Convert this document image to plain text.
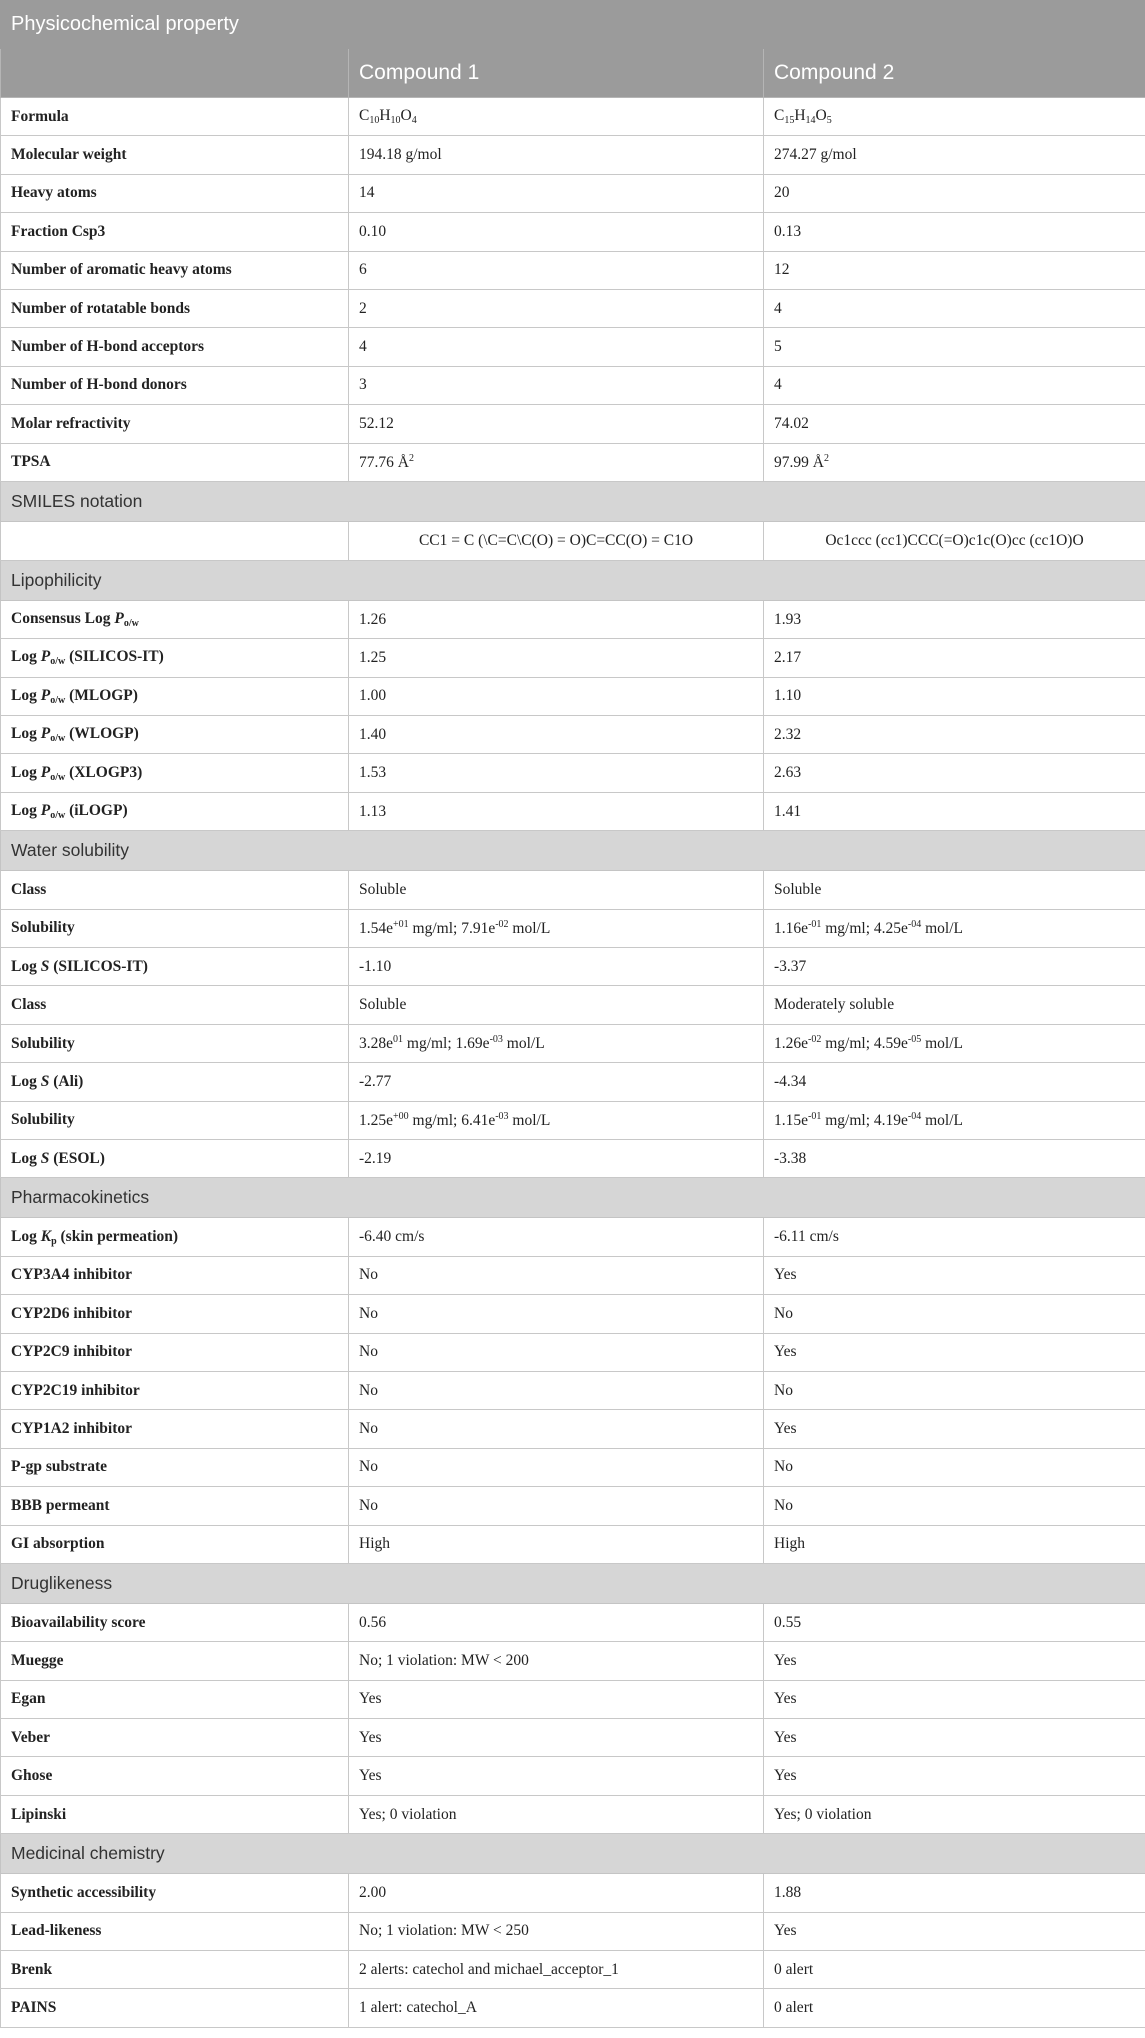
Physicochemical property		
	Compound 1	Compound 2
Formula	$C_{10}H_{10}O_4$	$C_{15}H_{14}O_5$
Molecular weight	194.18 g/mol	274.27 g/mol
Heavy atoms	14	20
Fraction Csp3	0.10	0.13
Number of aromatic heavy atoms	6	12
Number of rotatable bonds	2	4
Number of H-bond acceptors	4	5
Number of H-bond donors	3	4
Molar refractivity	52.12	74.02
TPSA	77.76 $Å^2$	97.99 $Å^2$
SMILES notation		
	CC1 = C (\C=C\C(O) = O)C=CC(O) = C1O	Oc1ccc (cc1)CCC(=O)c1c(O)cc (cc1O)O
Lipophilicity		
Consensus Log $P_{o/w}$	1.26	1.93
Log $P_{o/w}$ (SILICOS-IT)	1.25	2.17
Log $P_{o/w}$ (MLOGP)	1.00	1.10
Log $P_{o/w}$ (WLOGP)	1.40	2.32
Log $P_{o/w}$ (XLOGP3)	1.53	2.63
Log $P_{o/w}$ (iLOGP)	1.13	1.41
Water solubility		
Class	Soluble	Soluble
Solubility	$1.54e^{+01}$ mg/ml; $7.91e^{-02}$ mol/L	$1.16e^{-01}$ mg/ml; $4.25e^{-04}$ mol/L
Log S (SILICOS-IT)	-1.10	-3.37
Class	Soluble	Moderately soluble
Solubility	$3.28e^{01}$ mg/ml; $1.69e^{-03}$ mol/L	$1.26e^{-02}$ mg/ml; $4.59e^{-05}$ mol/L
Log S (Ali)	-2.77	-4.34
Solubility	$1.25e^{+00}$ mg/ml; $6.41e^{-03}$ mol/L	$1.15e^{-01}$ mg/ml; $4.19e^{-04}$ mol/L
Log S (ESOL)	-2.19	-3.38
Pharmacokinetics		
Log $K_p$ (skin permeation)	-6.40 cm/s	-6.11 cm/s
CYP3A4 inhibitor	No	Yes
CYP2D6 inhibitor	No	No
CYP2C9 inhibitor	No	Yes
CYP2C19 inhibitor	No	No
CYP1A2 inhibitor	No	Yes
P-gp substrate	No	No
BBB permeant	No	No
GI absorption	High	High
Druglikeness		
Bioavailability score	0.56	0.55
Muegge	No; 1 violation: MW < 200	Yes
Egan	Yes	Yes
Veber	Yes	Yes
Ghose	Yes	Yes
Lipinski	Yes; 0 violation	Yes; 0 violation
Medicinal chemistry		
Synthetic accessibility	2.00	1.88
Lead-likeness	No; 1 violation: MW < 250	Yes
Brenk	2 alerts: catechol and michael_acceptor_1	0 alert
PAINS	1 alert: catechol_A	0 alert
